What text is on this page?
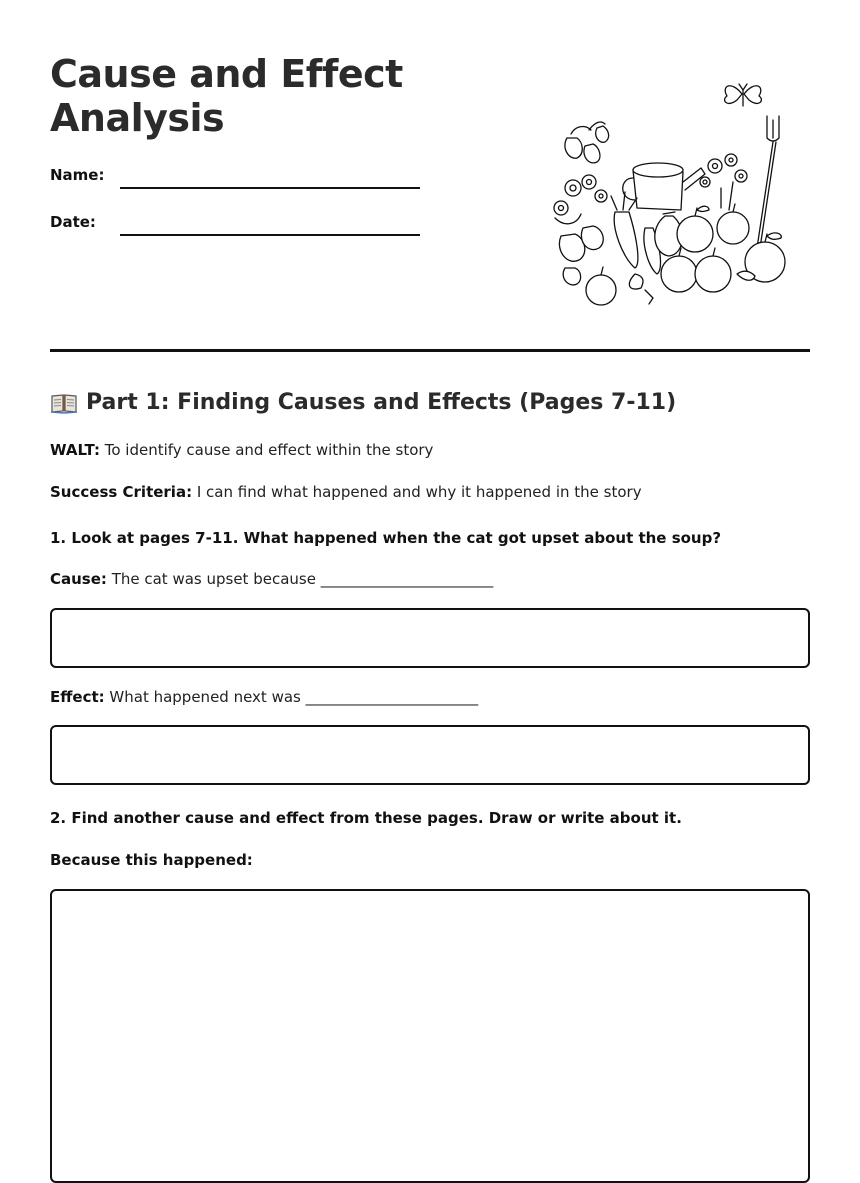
Cause and Effect
Analysis
Name:
Date:
Part 1: Finding Causes and Effects (Pages 7-11)
WALT: To identify cause and effect within the story
Success Criteria: I can find what happened and why it happened in the story
1. Look at pages 7-11. What happened when the cat got upset about the soup?
Cause: The cat was upset because _______________________
Effect: What happened next was _______________________
2. Find another cause and effect from these pages. Draw or write about it.
Because this happened:
